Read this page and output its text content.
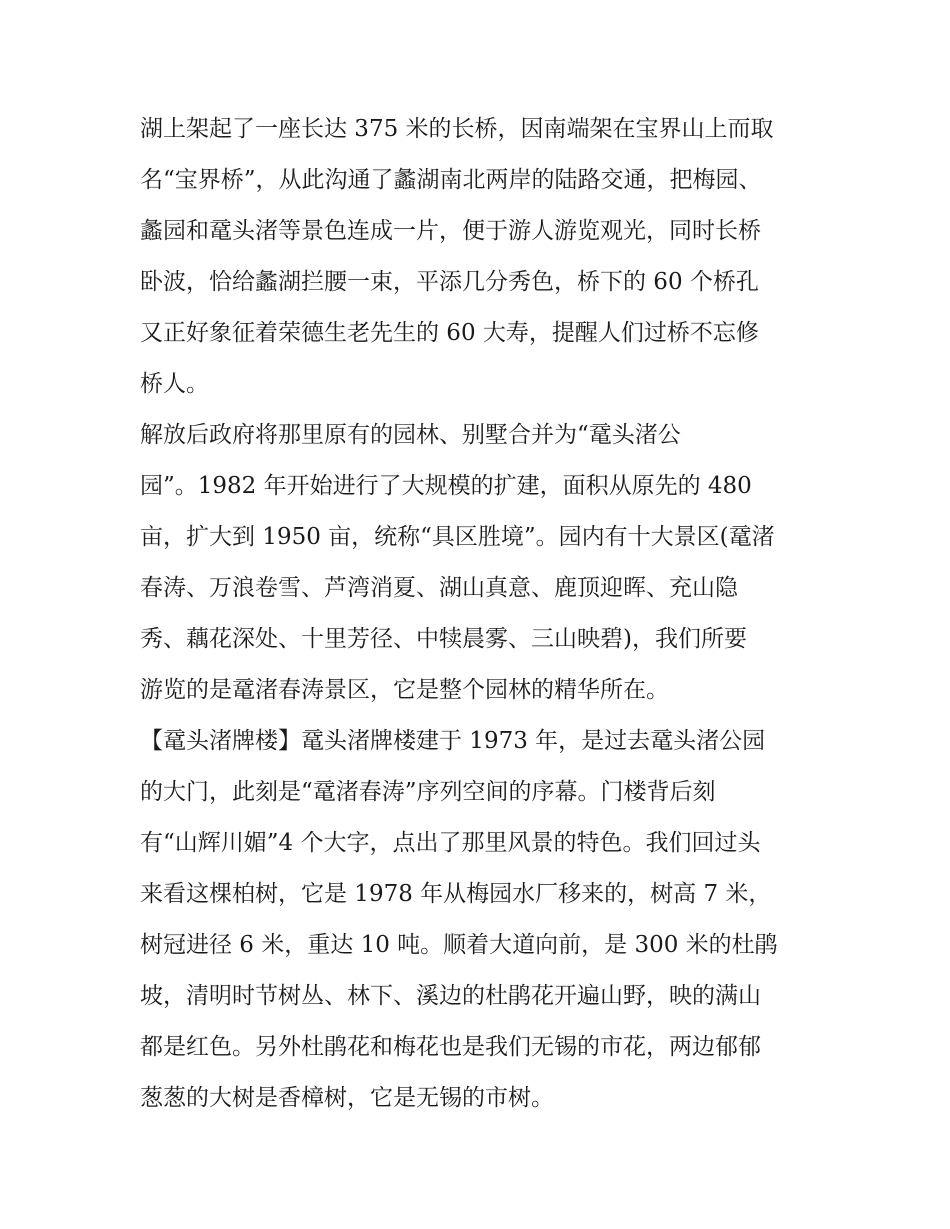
湖上架起了一座长达 375 米的长桥，因南端架在宝界山上而取
名“宝界桥”，从此沟通了蠡湖南北两岸的陆路交通，把梅园、
蠡园和鼋头渚等景色连成一片，便于游人游览观光，同时长桥
卧波，恰给蠡湖拦腰一束，平添几分秀色，桥下的 60 个桥孔
又正好象征着荣德生老先生的 60 大寿，提醒人们过桥不忘修
桥人。
解放后政府将那里原有的园林、别墅合并为“鼋头渚公
园”。1982 年开始进行了大规模的扩建，面积从原先的 480
亩，扩大到 1950 亩，统称“具区胜境”。园内有十大景区(鼋渚
春涛、万浪卷雪、芦湾消夏、湖山真意、鹿顶迎晖、充山隐
秀、藕花深处、十里芳径、中犊晨雾、三山映碧)，我们所要
游览的是鼋渚春涛景区，它是整个园林的精华所在。
【鼋头渚牌楼】鼋头渚牌楼建于 1973 年，是过去鼋头渚公园
的大门，此刻是“鼋渚春涛”序列空间的序幕。门楼背后刻
有“山辉川媚”4 个大字，点出了那里风景的特色。我们回过头
来看这棵柏树，它是 1978 年从梅园水厂移来的，树高 7 米，
树冠进径 6 米，重达 10 吨。顺着大道向前，是 300 米的杜鹃
坡，清明时节树丛、林下、溪边的杜鹃花开遍山野，映的满山
都是红色。另外杜鹃花和梅花也是我们无锡的市花，两边郁郁
葱葱的大树是香樟树，它是无锡的市树。
